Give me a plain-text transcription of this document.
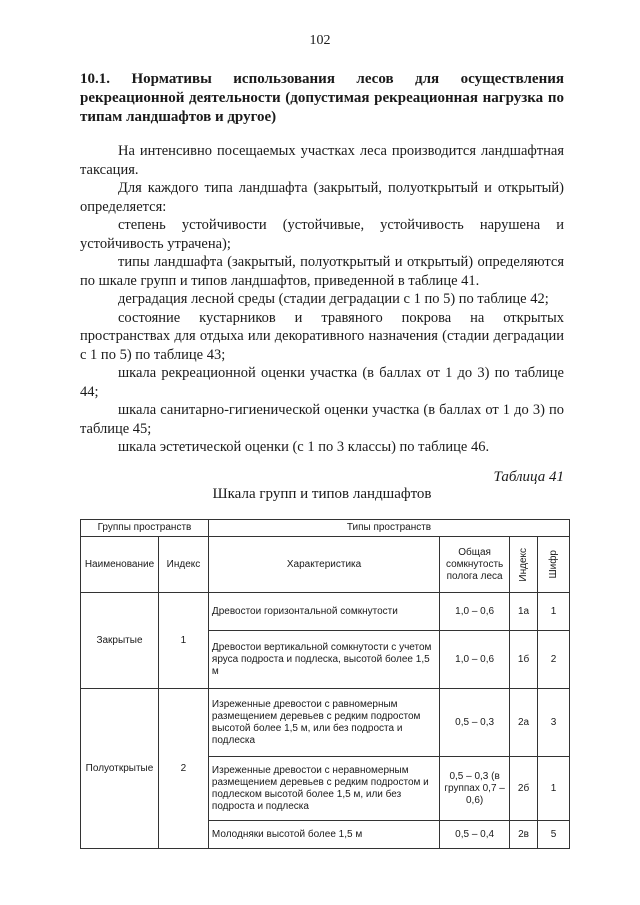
102
10.1. Нормативы использования лесов для осуществления рекреационной деятельности (допустимая рекреационная нагрузка по типам ландшафтов и другое)

На интенсивно посещаемых участках леса производится ландшафтная таксация.

Для каждого типа ландшафта (закрытый, полуоткрытый и открытый) определяется:

степень устойчивости (устойчивые, устойчивость нарушена и устойчивость утрачена);

типы ландшафта (закрытый, полуоткрытый и открытый) определяются по шкале групп и типов ландшафтов, приведенной в таблице 41.

деградация лесной среды (стадии деградации с 1 по 5) по таблице 42;

состояние кустарников и травяного покрова на открытых пространствах для отдыха или декоративного назначения (стадии деградации с 1 по 5) по таблице 43;

шкала рекреационной оценки участка (в баллах от 1 до 3) по таблице 44;

шкала санитарно-гигиенической оценки участка (в баллах от 1 до 3) по таблице 45;

шкала эстетической оценки (с 1 по 3 классы) по таблице 46.

Таблица 41
Шкала групп и типов ландшафтов
Группы пространств		Типы пространств			
Наименование	Индекс	Характеристика	Общая сомкнутость полога леса	Индекс	Шифр

Закрытые	1	Древостои горизонтальной сомкнутости	1,0 – 0,6	1а	1
		Древостои вертикальной сомкнутости с учетом яруса подроста и подлеска, высотой более 1,5 м	1,0 – 0,6	1б	2
Полуоткрытые	2	Изреженные древостои с равномерным размещением деревьев с редким подростом высотой более 1,5 м, или без подроста и подлеска	0,5 – 0,3	2а	3
		Изреженные древостои с неравномерным размещением деревьев с редким подростом и подлеском высотой более 1,5 м, или без подроста и подлеска	0,5 – 0,3 (в группах 0,7 – 0,6)	2б	1
		Молодняки высотой более 1,5 м	0,5 – 0,4	2в	5
